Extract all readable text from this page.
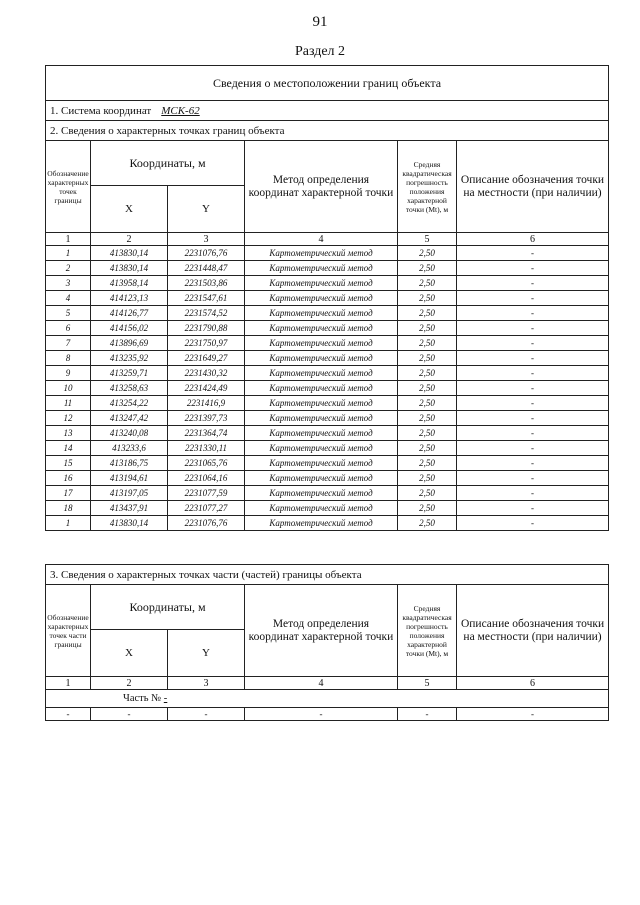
91
Раздел 2
Сведения о местоположении границ объекта					
1. Система координат МСК-62					
2. Сведения о характерных точках границ объекта					
Обозначение характерных точек границы	Координаты, м		Метод определения координат характерной точки	Средняя квадратическая погрешность положения характерной точки (Мt), м	Описание обозначения точки на местности (при наличии)
	X	Y			
1	2	3	4	5	6
1	413830,14	2231076,76	Картометрический метод	2,50	-
2	413830,14	2231448,47	Картометрический метод	2,50	-
3	413958,14	2231503,86	Картометрический метод	2,50	-
4	414123,13	2231547,61	Картометрический метод	2,50	-
5	414126,77	2231574,52	Картометрический метод	2,50	-
6	414156,02	2231790,88	Картометрический метод	2,50	-
7	413896,69	2231750,97	Картометрический метод	2,50	-
8	413235,92	2231649,27	Картометрический метод	2,50	-
9	413259,71	2231430,32	Картометрический метод	2,50	-
10	413258,63	2231424,49	Картометрический метод	2,50	-
11	413254,22	2231416,9	Картометрический метод	2,50	-
12	413247,42	2231397,73	Картометрический метод	2,50	-
13	413240,08	2231364,74	Картометрический метод	2,50	-
14	413233,6	2231330,11	Картометрический метод	2,50	-
15	413186,75	2231065,76	Картометрический метод	2,50	-
16	413194,61	2231064,16	Картометрический метод	2,50	-
17	413197,05	2231077,59	Картометрический метод	2,50	-
18	413437,91	2231077,27	Картометрический метод	2,50	-
1	413830,14	2231076,76	Картометрический метод	2,50	-
3. Сведения о характерных точках части (частей) границы объекта					
Обозначение характерных точек части границы	Координаты, м		Метод определения координат характерной точки	Средняя квадратическая погрешность положения характерной точки (Мt), м	Описание обозначения точки на местности (при наличии)
	X	Y			
1	2	3	4	5	6
Часть № -					
-	-	-	-	-	-
